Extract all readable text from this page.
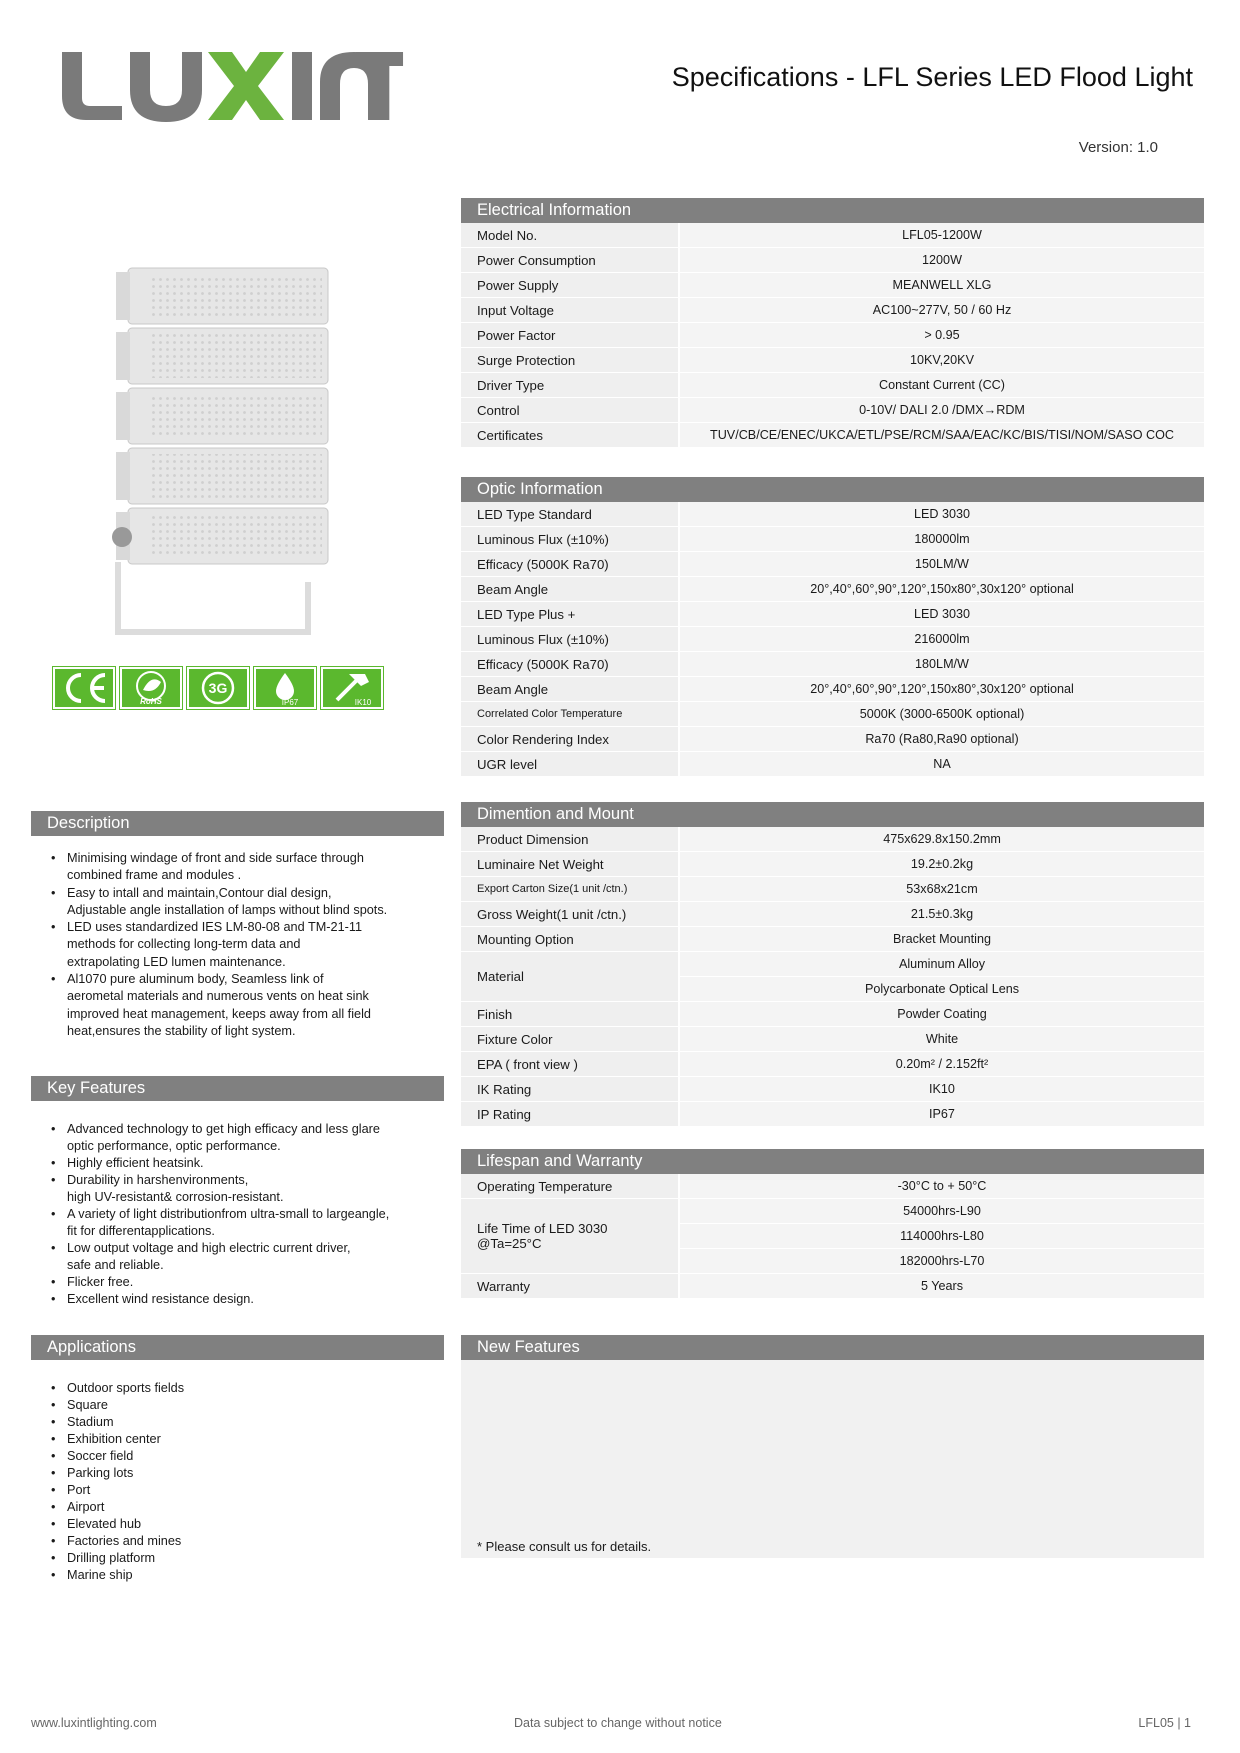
LUXINT
Specifications - LFL Series LED Flood Light
Version: 1.0
RoHS
3G
IP67	IK10
Electrical Information
Model No.	LFL05-1200W
Power Consumption	1200W
Power Supply	MEANWELL XLG
Input Voltage	AC100~277V, 50 / 60 Hz
Power Factor	> 0.95
Surge Protection	10KV,20KV
Driver Type	Constant Current (CC)
Control	0-10V/ DALI 2.0 /DMX→RDM
Certificates	TUV/CB/CE/ENEC/UKCA/ETL/PSE/RCM/SAA/EAC/KC/BIS/TISI/NOM/SASO COC
Optic Information
LED Type Standard	LED 3030
Luminous Flux (±10%)	180000lm
Efficacy (5000K Ra70)	150LM/W
Beam Angle	20°,40°,60°,90°,120°,150x80°,30x120° optional
LED Type Plus +	LED 3030
Luminous Flux (±10%)	216000lm
Efficacy (5000K Ra70)	180LM/W
Beam Angle	20°,40°,60°,90°,120°,150x80°,30x120° optional
Correlated Color Temperature	5000K (3000-6500K optional)
Color Rendering Index	Ra70 (Ra80,Ra90 optional)
UGR level	NA
Dimention and Mount
Product Dimension	475x629.8x150.2mm
Luminaire Net Weight	19.2±0.2kg
Export Carton Size(1 unit /ctn.)	53x68x21cm
Gross Weight(1 unit /ctn.)	21.5±0.3kg
Mounting Option	Bracket Mounting
Material	Aluminum Alloy
	Polycarbonate Optical Lens
Finish	Powder Coating
Fixture Color	White
EPA ( front view )	0.20m² / 2.152ft²
IK Rating	IK10
IP Rating	IP67
Lifespan and Warranty
Operating Temperature	-30°C to + 50°C

Life Time of LED 3030
@Ta=25°C	54000hrs-L90
	114000hrs-L80
	182000hrs-L70
Warranty	5 Years
New Features
* Please consult us for details.
Description
• Minimising windage of front and side surface through
combined frame and modules .
• Easy to intall and maintain,Contour dial design,
Adjustable angle installation of lamps without blind spots.
• LED uses standardized IES LM-80-08 and TM-21-11
methods for collecting long-term data and
extrapolating LED lumen maintenance.
• Al1070 pure aluminum body, Seamless link of
aerometal materials and numerous vents on heat sink
improved heat management, keeps away from all field
heat,ensures the stability of light system.
Key Features
• Advanced technology to get high efficacy and less glare
optic performance, optic performance.
• Highly efficient heatsink.
• Durability in harshenvironments,
high UV-resistant& corrosion-resistant.
• A variety of light distributionfrom ultra-small to largeangle,
fit for differentapplications.
• Low output voltage and high electric current driver,
safe and reliable.
• Flicker free.
• Excellent wind resistance design.
Applications
• Outdoor sports fields
• Square
• Stadium
• Exhibition center
• Soccer field
• Parking lots
• Port
• Airport
• Elevated hub
• Factories and mines
• Drilling platform
• Marine ship
www.luxintlighting.com	Data subject to change without notice	LFL05 | 1
